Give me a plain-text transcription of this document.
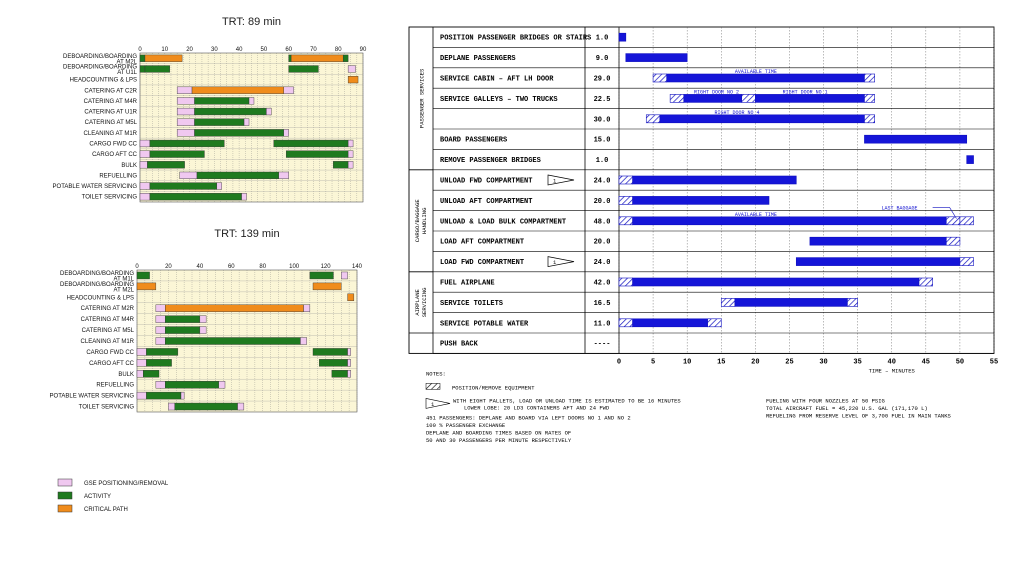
TRT: 89 min
0	10	20	30	40	50	60	70	80	90
DEBOARDING/BOARDING
AT M2L
DEBOARDING/BOARDING
AT U1L
HEADCOUNTING & LPS
CATERING AT C2R
CATERING AT M4R
CATERING AT U1R
CATERING AT M5L
CLEANING AT M1R
CARGO FWD CC
CARGO AFT CC
BULK
REFUELLING
POTABLE WATER SERVICING
TOILET SERVICING
TRT: 139 min
0	20	40	60	80	100	120	140
DEBOARDING/BOARDING
AT M1L
DEBOARDING/BOARDING
AT M2L
HEADCOUNTING & LPS
CATERING AT M2R
CATERING AT M4R
CATERING AT M5L
CLEANING AT M1R
CARGO FWD CC
CARGO AFT CC
BULK
REFUELLING
POTABLE WATER SERVICING
TOILET SERVICING
GSE POSITIONING/REMOVAL
ACTIVITY
CRITICAL PATH
0	5	10	15	20	25	30	35	40	45	50	55
TIME – MINUTES
POSITION PASSENGER BRIDGES OR STAIRS 1.0
DEPLANE PASSENGERS	9.0
SERVICE CABIN – AFT LH DOOR	29.0
SERVICE GALLEYS – TWO TRUCKS	22.5
30.0
BOARD PASSENGERS	15.0
REMOVE PASSENGER BRIDGES	1.0
UNLOAD FWD COMPARTMENT	24.0
1
UNLOAD AFT COMPARTMENT	20.0
UNLOAD & LOAD BULK COMPARTMENT	48.0
LOAD AFT COMPARTMENT	20.0
LOAD FWD COMPARTMENT	24.0
1
FUEL AIRPLANE	42.0
SERVICE TOILETS	16.5
SERVICE POTABLE WATER	11.0
PUSH BACK	----
PASSENGER SERVICES
CARGO/BAGGAGE HANDLING
AIRPLANE SERVICING
AVAILABLE TIME
RIGHT DOOR NO 2	RIGHT DOOR NO 1
RIGHT DOOR NO 4
AVAILABLE TIME
LAST BAGGAGE
NOTES:
POSITION/REMOVE EQUIPMENT
1	WITH EIGHT PALLETS, LOAD OR UNLOAD TIME IS ESTIMATED TO BE 16 MINUTES
LOWER LOBE: 20 LD3 CONTAINERS AFT AND 24 FWD
451 PASSENGERS: DEPLANE AND BOARD VIA LEFT DOORS NO 1 AND NO 2
100 % PASSENGER EXCHANGE
DEPLANE AND BOARDING TIMES BASED ON RATES OF
50 AND 30 PASSENGERS PER MINUTE RESPECTIVELY
FUELING WITH FOUR NOZZLES AT 50 PSIG
TOTAL AIRCRAFT FUEL = 45,220 U.S. GAL (171,170 L)
REFUELING FROM RESERVE LEVEL OF 3,700 FUEL IN MAIN TANKS
